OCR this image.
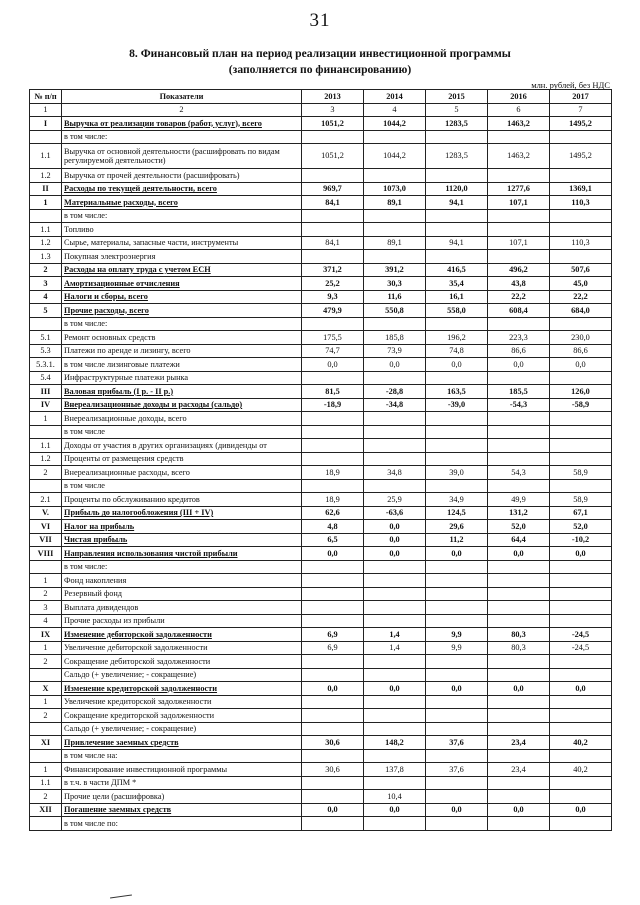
31
8. Финансовый план на период реализации инвестиционной программы
(заполняется по финансированию)
млн. рублей, без НДС
№ п/п	Показатели	2013	2014	2015	2016	2017
1	2	3	4	5	6	7
I	Выручка от реализации товаров (работ, услуг), всего	1051,2	1044,2	1283,5	1463,2	1495,2
	в том числе:					
1.1	Выручка от основной деятельности (расшифровать по видам регулируемой деятельности)	1051,2	1044,2	1283,5	1463,2	1495,2
1.2	Выручка от прочей деятельности (расшифровать)					
II	Расходы по текущей деятельности, всего	969,7	1073,0	1120,0	1277,6	1369,1
1	Материальные расходы, всего	84,1	89,1	94,1	107,1	110,3
	в том числе:					
1.1	Топливо					
1.2	Сырье, материалы, запасные части, инструменты	84,1	89,1	94,1	107,1	110,3
1.3	Покупная электроэнергия					
2	Расходы на оплату труда с учетом ЕСН	371,2	391,2	416,5	496,2	507,6
3	Амортизационные отчисления	25,2	30,3	35,4	43,8	45,0
4	Налоги и сборы, всего	9,3	11,6	16,1	22,2	22,2
5	Прочие расходы, всего	479,9	550,8	558,0	608,4	684,0
	в том числе:					
5.1	Ремонт основных средств	175,5	185,8	196,2	223,3	230,0
5.3	Платежи по аренде и лизингу, всего	74,7	73,9	74,8	86,6	86,6
5.3.1.	в том числе лизинговые платежи	0,0	0,0	0,0	0,0	0,0
5.4	Инфраструктурные платежи рынка					
III	Валовая прибыль (I р. - II р.)	81,5	-28,8	163,5	185,5	126,0
IV	Внереализационные доходы и расходы (сальдо)	-18,9	-34,8	-39,0	-54,3	-58,9
1	Внереализационные доходы, всего					
	в том числе					
1.1	Доходы от участия в других организациях (дивиденды от					
1.2	Проценты от размещения средств					
2	Внереализационные расходы, всего	18,9	34,8	39,0	54,3	58,9
	в том числе					
2.1	Проценты по обслуживанию кредитов	18,9	25,9	34,9	49,9	58,9
V.	Прибыль до налогообложения (III + IV)	62,6	-63,6	124,5	131,2	67,1
VI	Налог на прибыль	4,8	0,0	29,6	52,0	52,0
VII	Чистая прибыль	6,5	0,0	11,2	64,4	-10,2
VIII	Направления использования чистой прибыли	0,0	0,0	0,0	0,0	0,0
	в том числе:					
1	Фонд накопления					
2	Резервный фонд					
3	Выплата дивидендов					
4	Прочие расходы из прибыли					
IX	Изменение дебиторской задолженности	6,9	1,4	9,9	80,3	-24,5
1	Увеличение дебиторской задолженности	6,9	1,4	9,9	80,3	-24,5
2	Сокращение дебиторской задолженности					
	Сальдо (+ увеличение; - сокращение)					
X	Изменение кредиторской задолженности	0,0	0,0	0,0	0,0	0,0
1	Увеличение кредиторской задолженности					
2	Сокращение кредиторской задолженности					
	Сальдо (+ увеличение; - сокращение)					
XI	Привлечение заемных средств	30,6	148,2	37,6	23,4	40,2
	в том числе на:					
1	Финансирование инвестиционной программы	30,6	137,8	37,6	23,4	40,2
1.1	в т.ч. в части ДПМ *					
2	Прочие цели (расшифровка)		10,4			
XII	Погашение заемных средств	0,0	0,0	0,0	0,0	0,0
	в том числе по:					
